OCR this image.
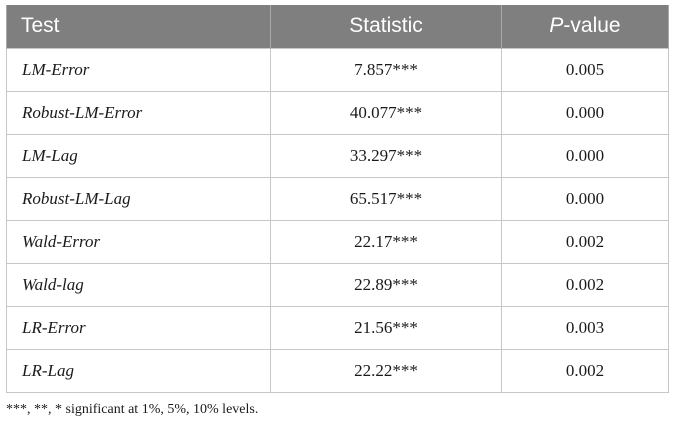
Test	Statistic	P-value
LM-Error	7.857***	0.005
Robust-LM-Error	40.077***	0.000
LM-Lag	33.297***	0.000
Robust-LM-Lag	65.517***	0.000
Wald-Error	22.17***	0.002
Wald-lag	22.89***	0.002
LR-Error	21.56***	0.003
LR-Lag	22.22***	0.002
***, **, * significant at 1%, 5%, 10% levels.
